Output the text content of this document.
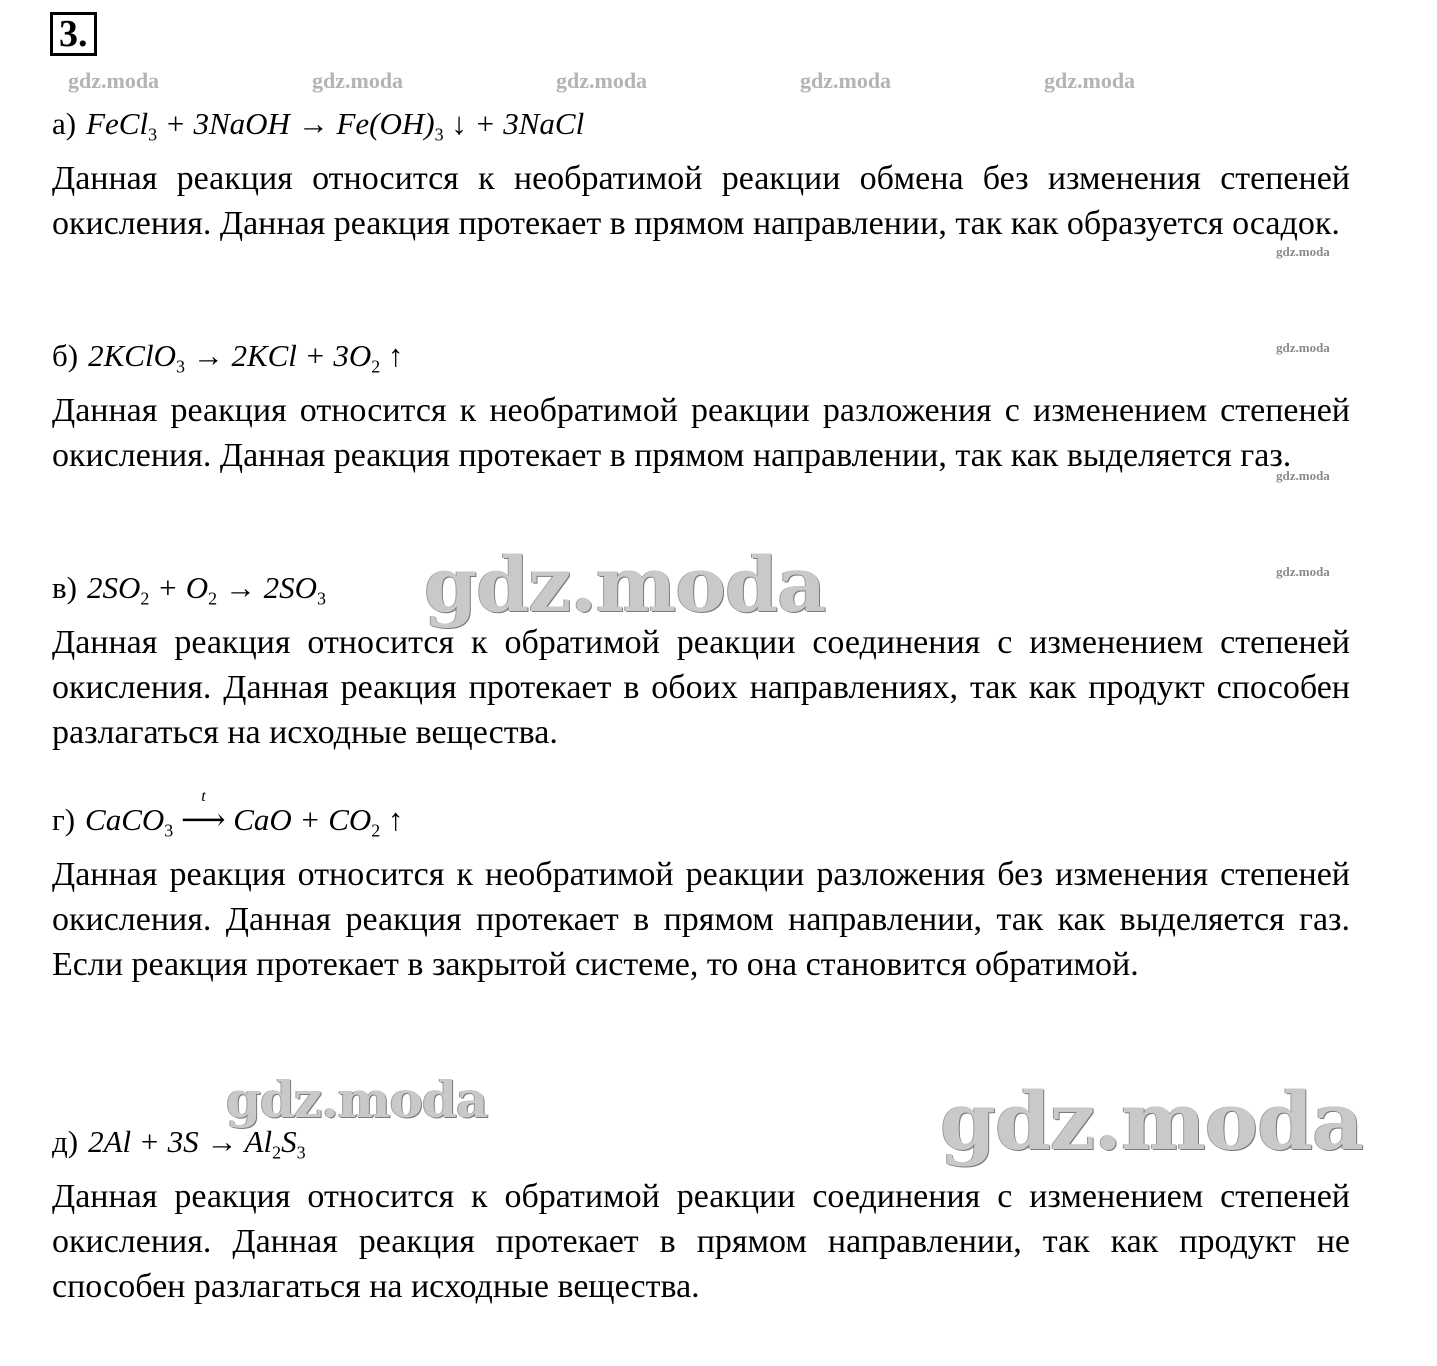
3.
gdz.moda	gdz.moda	gdz.moda	gdz.moda	gdz.moda
gdz.moda
gdz.moda
gdz.moda
gdz.moda
gdz.moda
gdz.moda	gdz.moda
а) FeCl$_3$ + 3NaOH → $Fe(OH)_3$ ↓ + 3NaCl
Данная реакция относится к необратимой реакции обмена без изменения степеней окисления. Данная реакция протекает в прямом направлении, так как образуется осадок.
б) 2KClO$_3$ → $2KCl + 3O_2$ ↑
Данная реакция относится к необратимой реакции разложения с изменением степеней окисления. Данная реакция протекает в прямом направлении, так как выделяется газ.
в) $2SO_2 + O_2 \to 2SO_3$
Данная реакция относится к обратимой реакции соединения с изменением степеней окисления. Данная реакция протекает в обоих направлениях, так как продукт способен разлагаться на исходные вещества.
г) CaCO$_3$ ⟶ CaO + CO
t
$_2$ ↑
Данная реакция относится к необратимой реакции разложения без изменения степеней окисления. Данная реакция протекает в прямом направлении, так как выделяется газ. Если реакция протекает в закрытой системе, то она становится обратимой.
д) $2Al + 3S \to Al_2S_3$
Данная реакция относится к обратимой реакции соединения с изменением степеней окисления. Данная реакция протекает в прямом направлении, так как продукт не способен разлагаться на исходные вещества.
